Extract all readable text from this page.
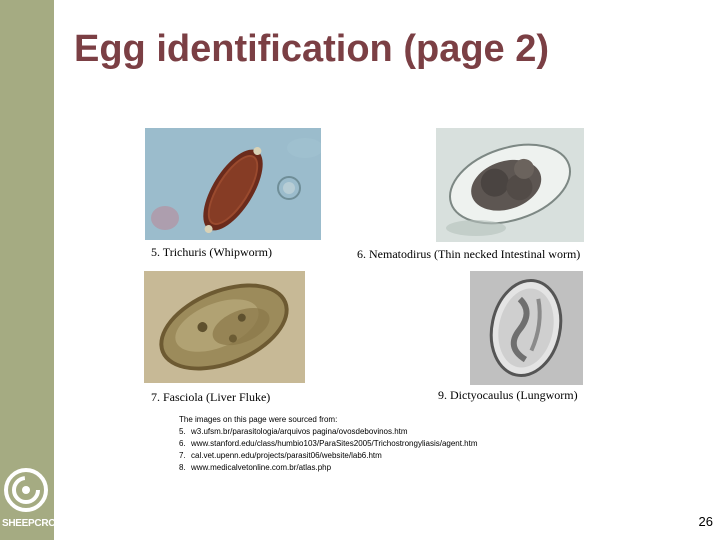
SHEEPCRC
Egg identification (page 2)
5. Trichuris (Whipworm)	6. Nematodirus (Thin necked Intestinal worm)
7. Fasciola (Liver Fluke)	9. Dictyocaulus (Lungworm)
The images on this page were sourced from:
5. w3.ufsm.br/parasitologia/arquivos pagina/ovosdebovinos.htm
6. www.stanford.edu/class/humbio103/ParaSites2005/Trichostrongyliasis/agent.htm
7. cal.vet.upenn.edu/projects/parasit06/website/lab6.htm
8. www.medicalvetonline.com.br/atlas.php
26
